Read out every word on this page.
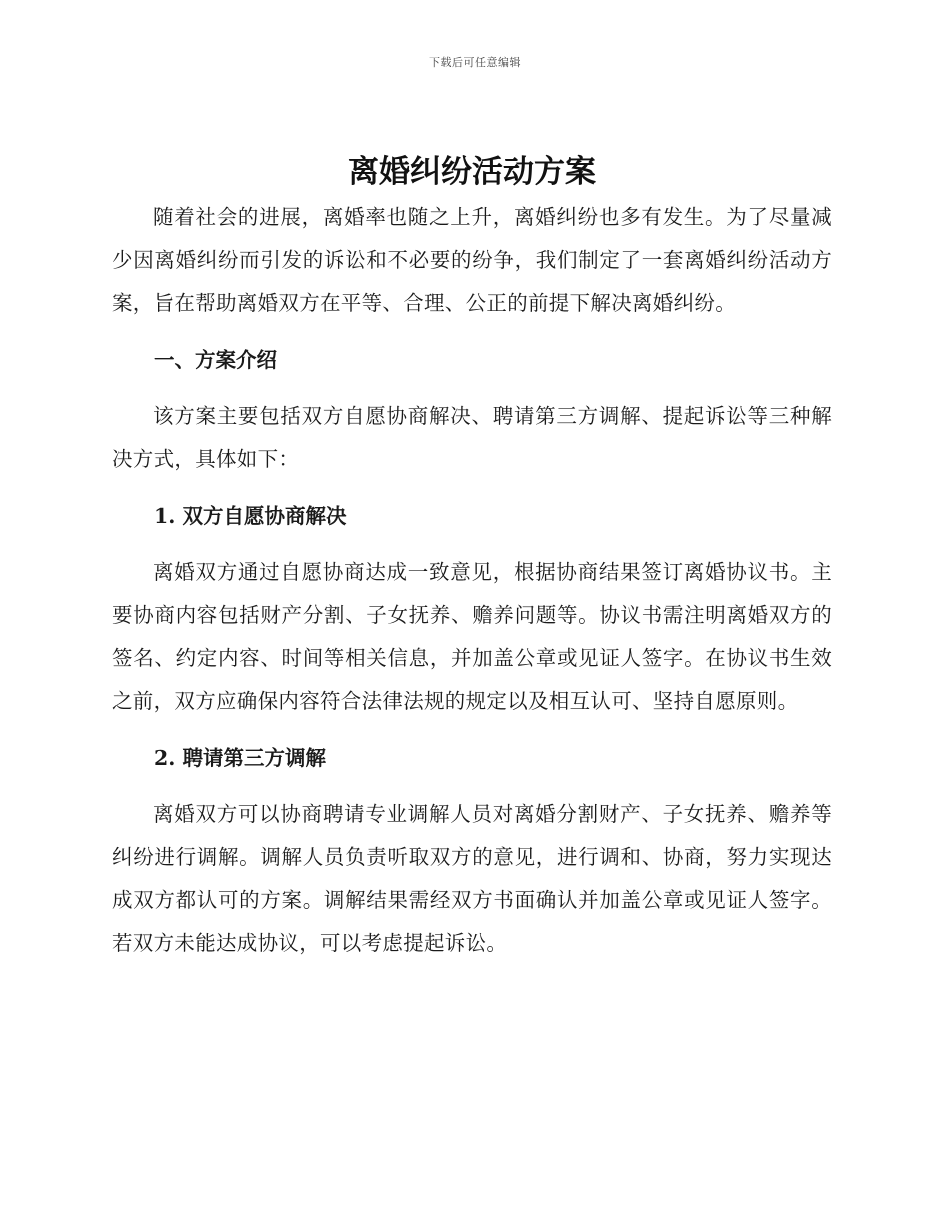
下载后可任意编辑
离婚纠纷活动方案

随着社会的进展，离婚率也随之上升，离婚纠纷也多有发生。为了尽量减少因离婚纠纷而引发的诉讼和不必要的纷争，我们制定了一套离婚纠纷活动方案，旨在帮助离婚双方在平等、合理、公正的前提下解决离婚纠纷。

一、方案介绍

该方案主要包括双方自愿协商解决、聘请第三方调解、提起诉讼等三种解决方式，具体如下：

1. 双方自愿协商解决

离婚双方通过自愿协商达成一致意见，根据协商结果签订离婚协议书。主要协商内容包括财产分割、子女抚养、赡养问题等。协议书需注明离婚双方的签名、约定内容、时间等相关信息，并加盖公章或见证人签字。在协议书生效之前，双方应确保内容符合法律法规的规定以及相互认可、坚持自愿原则。

2. 聘请第三方调解

离婚双方可以协商聘请专业调解人员对离婚分割财产、子女抚养、赡养等纠纷进行调解。调解人员负责听取双方的意见，进行调和、协商，努力实现达成双方都认可的方案。调解结果需经双方书面确认并加盖公章或见证人签字。若双方未能达成协议，可以考虑提起诉讼。
